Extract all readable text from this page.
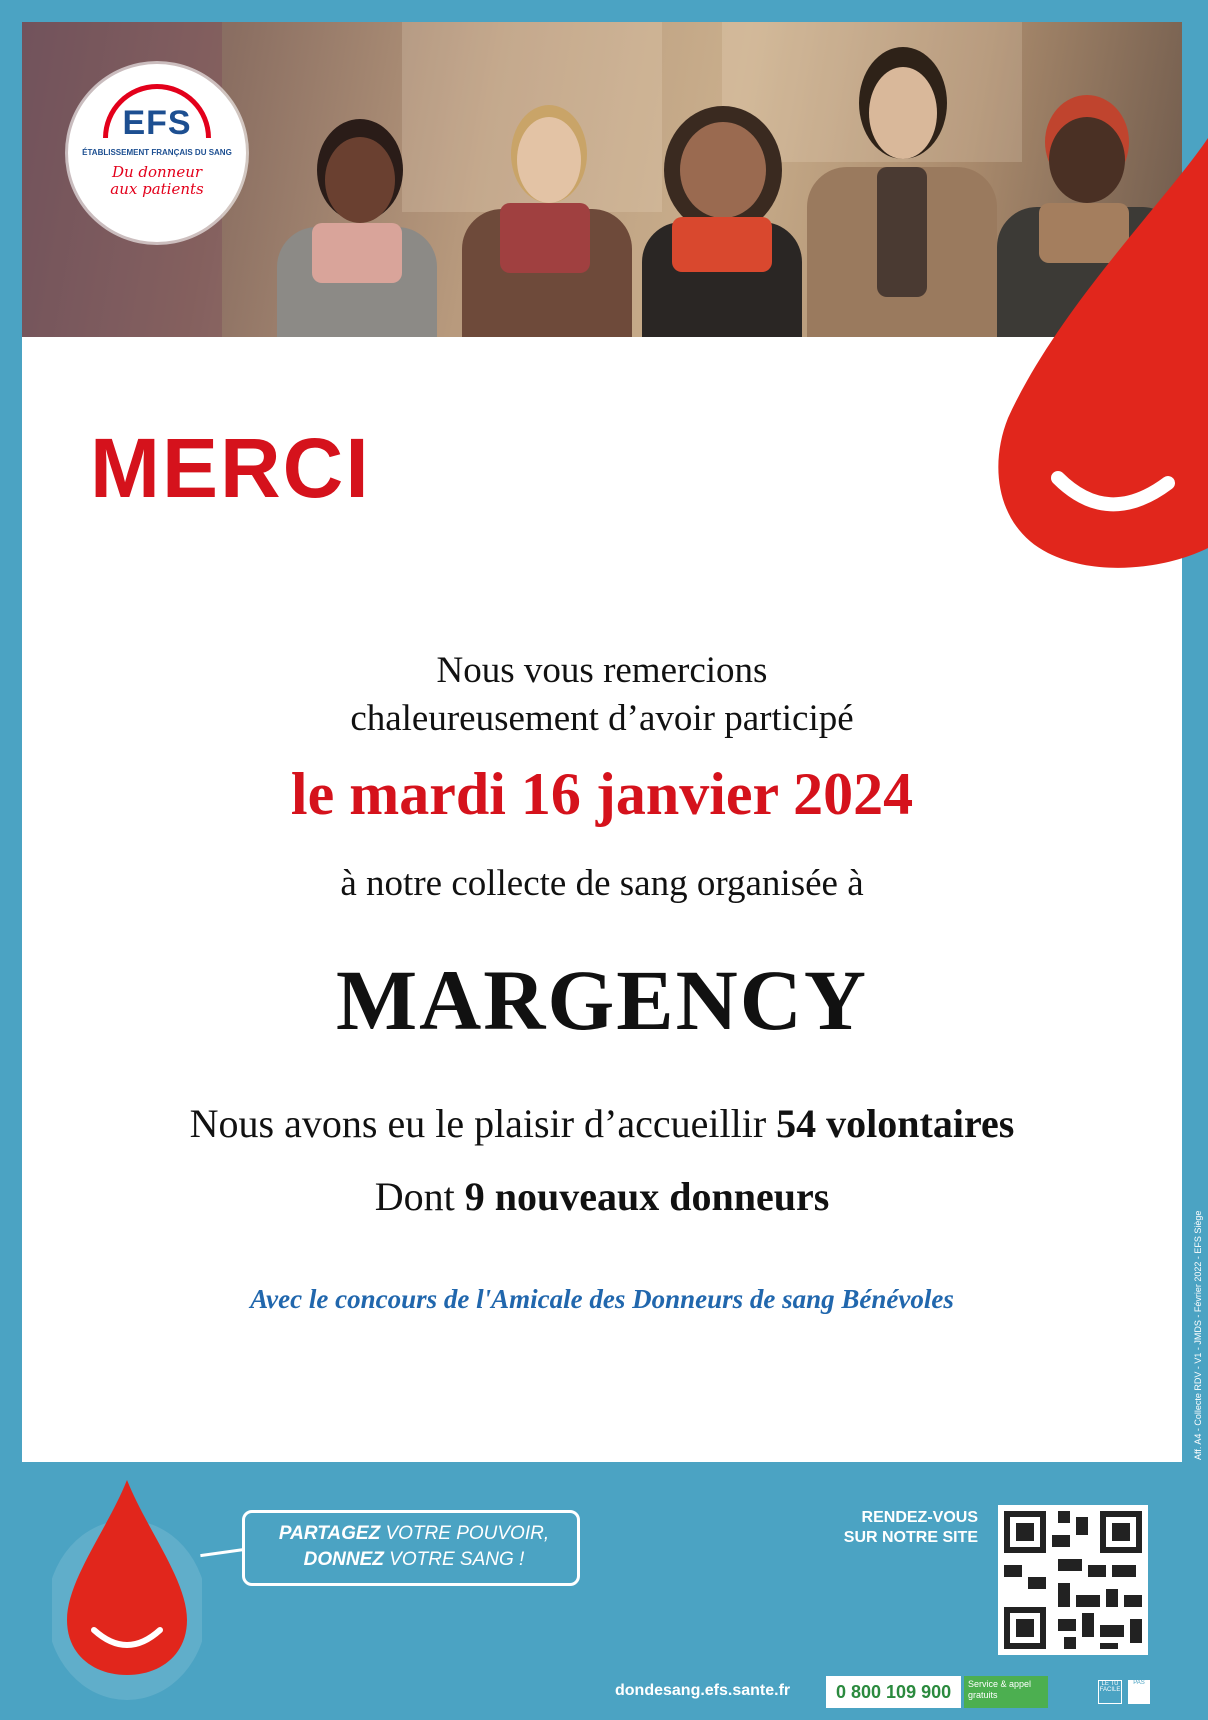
EFS
ÉTABLISSEMENT FRANÇAIS DU SANG
Du donneur
aux patients
MERCI
Nous vous remercions
chaleureusement d’avoir participé
le mardi 16 janvier 2024
à notre collecte de sang organisée à
MARGENCY
Nous avons eu le plaisir d’accueillir 54 volontaires
Dont 9 nouveaux donneurs
Avec le concours de l'Amicale des Donneurs de sang Bénévoles	Aff. A4 - Collecte RDV - V1 - JMDS - Février 2022 - EFS Siège
PARTAGEZ VOTRE POUVOIR,
DONNEZ VOTRE SANG !
RENDEZ-VOUS
SUR NOTRE SITE
dondesang.efs.sante.fr	0 800 109 900	Service & appel gratuits
LE TU FACILE
PAS
